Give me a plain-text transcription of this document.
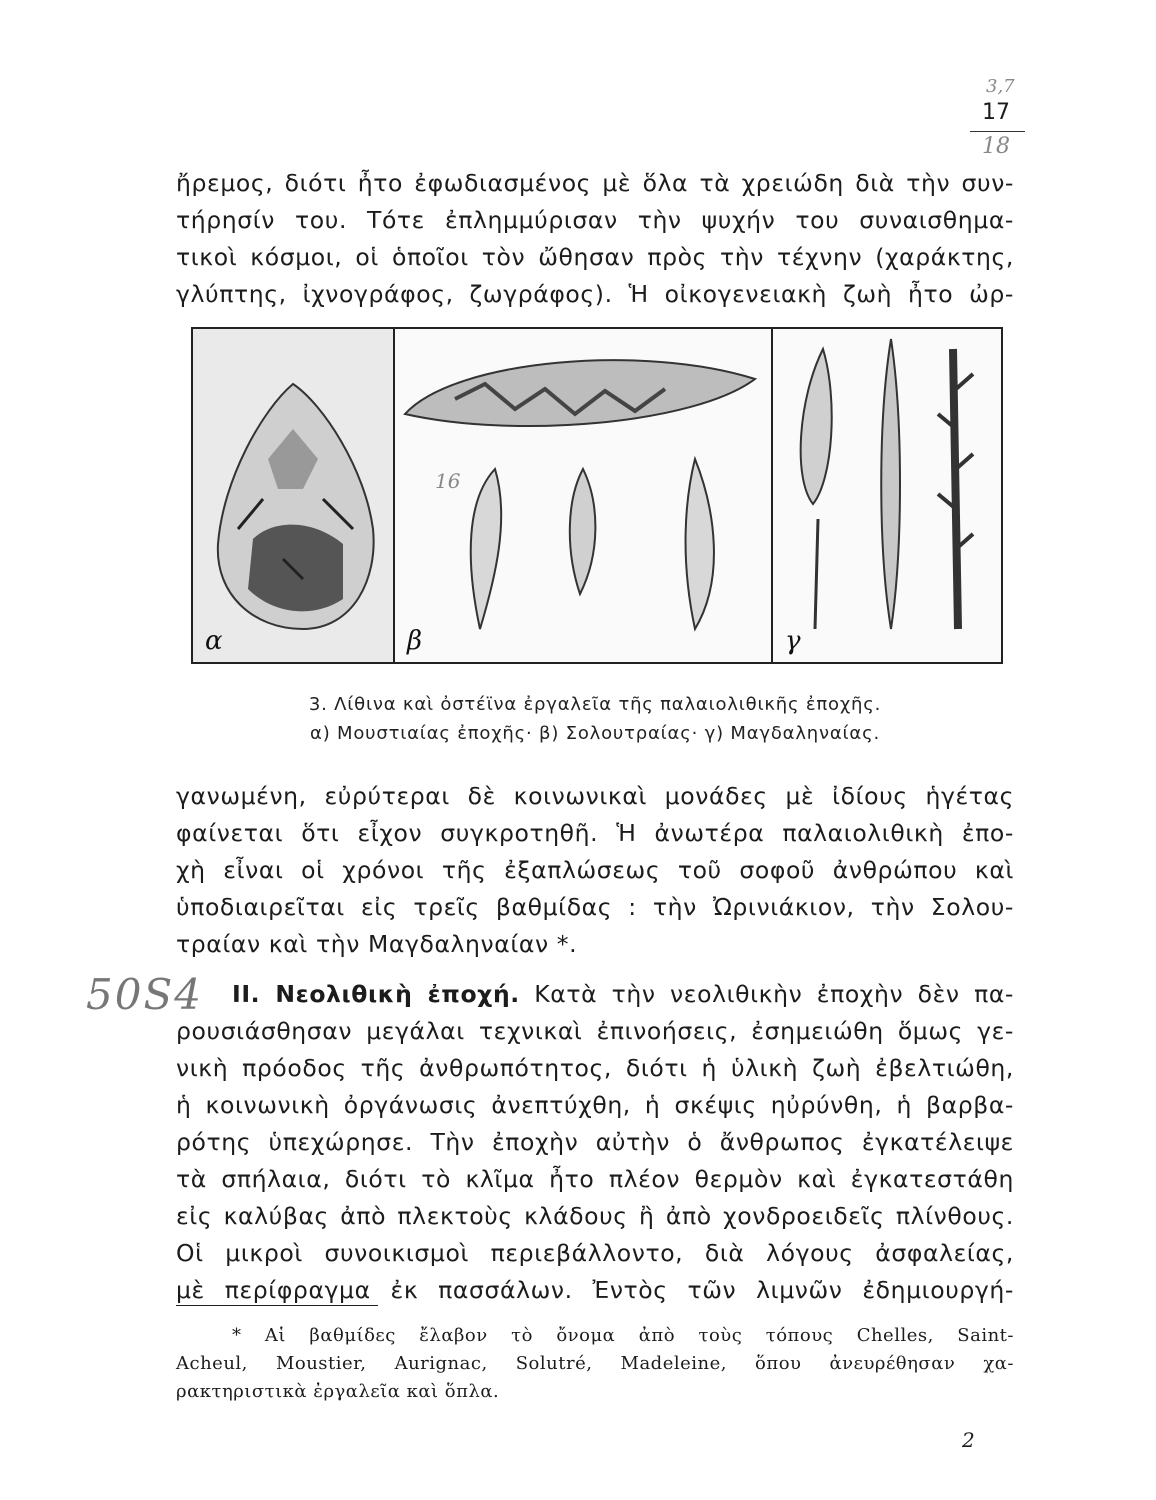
3,7
17
18
ἤρεμος, διότι ἦτο ἐφωδιασμένος μὲ ὅλα τὰ χρειώδη διὰ τὴν συν-
τήρησίν του. Τότε ἐπλημμύρισαν τὴν ψυχήν του συναισθημα-
τικοὶ κόσμοι, οἱ ὁποῖοι τὸν ὤθησαν πρὸς τὴν τέχνην (χαράκτης,
γλύπτης, ἰχνογράφος, ζωγράφος). Ἡ οἰκογενειακὴ ζωὴ ἦτο ὠρ-
α
16
β	γ
3. Λίθινα καὶ ὀστέϊνα ἐργαλεῖα τῆς παλαιολιθικῆς ἐποχῆς.
α) Μουστιαίας ἐποχῆς· β) Σολουτραίας· γ) Μαγδαληναίας.
γανωμένη, εὐρύτεραι δὲ κοινωνικαὶ μονάδες μὲ ἰδίους ἡγέτας
φαίνεται ὅτι εἶχον συγκροτηθῆ. Ἡ ἀνωτέρα παλαιολιθικὴ ἐπο-
χὴ εἶναι οἱ χρόνοι τῆς ἐξαπλώσεως τοῦ σοφοῦ ἀνθρώπου καὶ
ὑποδιαιρεῖται εἰς τρεῖς βαθμίδας : τὴν Ὠρινιάκιον, τὴν Σολου-
τραίαν καὶ τὴν Μαγδαληναίαν *.
50S4	ΙΙ. Νεολιθικὴ ἐποχή. Κατὰ τὴν νεολιθικὴν ἐποχὴν δὲν πα-
ρουσιάσθησαν μεγάλαι τεχνικαὶ ἐπινοήσεις, ἐσημειώθη ὅμως γε-
νικὴ πρόοδος τῆς ἀνθρωπότητος, διότι ἡ ὑλικὴ ζωὴ ἐβελτιώθη,
ἡ κοινωνικὴ ὀργάνωσις ἀνεπτύχθη, ἡ σκέψις ηὐρύνθη, ἡ βαρβα-
ρότης ὑπεχώρησε. Τὴν ἐποχὴν αὐτὴν ὁ ἄνθρωπος ἐγκατέλειψε
τὰ σπήλαια, διότι τὸ κλῖμα ἦτο πλέον θερμὸν καὶ ἐγκατεστάθη
εἰς καλύβας ἀπὸ πλεκτοὺς κλάδους ἢ ἀπὸ χονδροειδεῖς πλίνθους.
Οἱ μικροὶ συνοικισμοὶ περιεβάλλοντο, διὰ λόγους ἀσφαλείας,
μὲ περίφραγμα ἐκ πασσάλων. Ἐντὸς τῶν λιμνῶν ἐδημιουργή-
* Αἱ βαθμίδες ἔλαβον τὸ ὄνομα ἀπὸ τοὺς τόπους Chelles, Saint-
Acheul, Moustier, Aurignac, Solutré, Madeleine, ὅπου ἀνευρέθησαν χα-
ρακτηριστικὰ ἐργαλεῖα καὶ ὅπλα.
2
